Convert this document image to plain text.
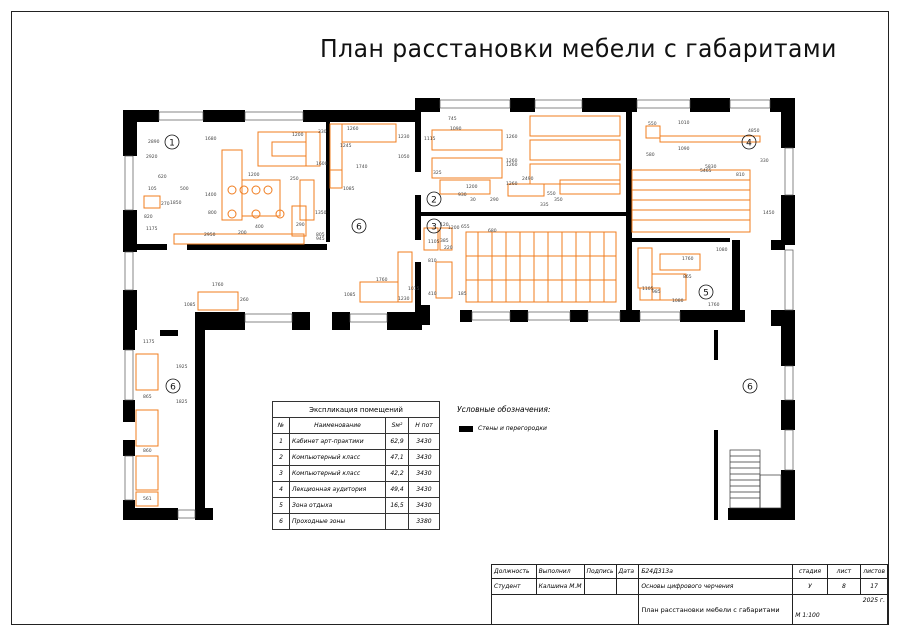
План расстановки мебели с габаритами
1
2
3
4
5
6
6	6
2890
2920
1680
1200
1200
330
1600
500
1400
800
250
1350
620
105
1850
820
2950
1175
200
400	290
805
945
270
1260
1245
1740
1085
1230
1050
1115
745
1090
1260
1260
1260
325
1260
2490
550
1200
30	290
930
335
350
550	1010
4850
580
1090
5830
5465
810
330
1450
1105
1200
120
220
655
680
385
810
410	185
1760
1015
1085
1230
1760
260
1085
1080
1760
985
1105
1080
1760
865
1175
1925
1825
865
860
561
Экспликация помещений			
№	Наименование	Sм²	H пот
1	Кабинет арт-практики	62,9	3430
2	Компьютерный класс	47,1	3430
3	Компьютерный класс	42,2	3430
4	Лекционная аудитория	49,4	3430
5	Зона отдыха	16,5	3430
6	Проходные зоны		3380
Условные обозначения:
Стены и перегородки
Должность	Выполнил	Подпись	Дата	Б24Д313а	стадия	лист	листов
Студент	Калшина М.М			Основы цифрового черчения	У	8	17
				План расстановки мебели с габаритами	2025 г.
М 1:100		
